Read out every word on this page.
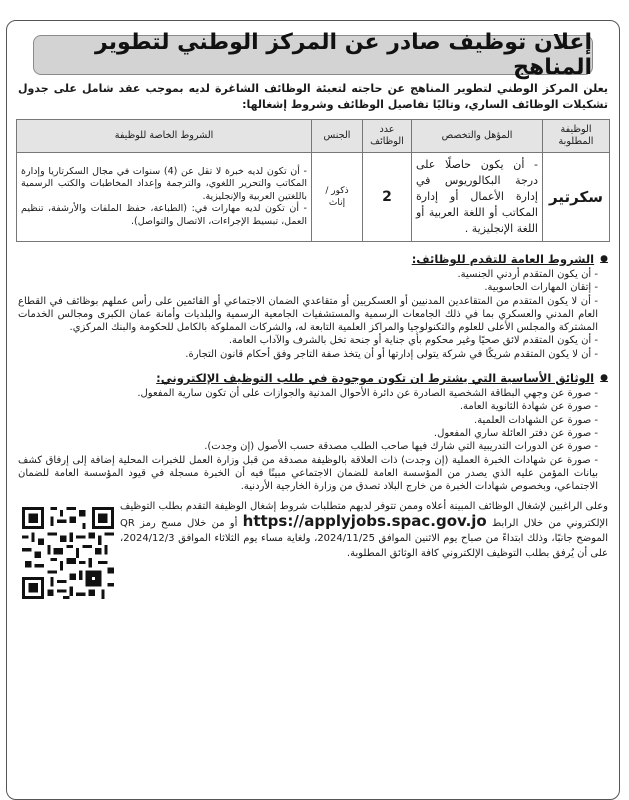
إعلان توظيف صادر عن المركز الوطني لتطوير المناهج
يعلن المركز الوطني لتطوير المناهج عن حاجته لتعبئة الوظائف الشاغرة لديه بموجب عقد شامل على جدول تشكيلات الوظائف الساري، وتاليًا تفاصيل الوظائف وشروط إشغالها:
الوظيفة المطلوبة	المؤهل والتخصص	عدد الوظائف	الجنس	الشروط الخاصة للوظيفة
سكرتير	- أن يكون حاصلًا على درجة البكالوريوس في إدارة الأعمال أو إدارة المكاتب أو اللغة العربية أو اللغة الإنجليزية .	2	ذكور / إناث	- أن تكون لديه خبرة لا تقل عن (4) سنوات في مجال السكرتاريا وإدارة المكاتب والتحرير اللغوي، والترجمة وإعداد المخاطبات والكتب الرسمية باللغتين العربية والإنجليزية.
- أن تكون لديه مهارات في: (الطباعة، حفظ الملفات والأرشفة، تنظيم العمل، تبسيط الإجراءات، الاتصال والتواصل).
●
الشروط العامة للتقدم للوظائف:
- أن يكون المتقدم أردني الجنسية.
- إتقان المهارات الحاسوبية.
- أن لا يكون المتقدم من المتقاعدين المدنيين أو العسكريين أو متقاعدي الضمان الاجتماعي أو القائمين على رأس عملهم بوظائف في القطاع العام المدني والعسكري بما في ذلك الجامعات الرسمية والمستشفيات الجامعية الرسمية والبلديات وأمانة عمان الكبرى ومجالس الخدمات المشتركة والمجلس الأعلى للعلوم والتكنولوجيا والمراكز العلمية التابعة له، والشركات المملوكة بالكامل للحكومة والبنك المركزي.
- أن يكون المتقدم لائق صحيًا وغير محكوم بأي جناية أو جنحة تخل بالشرف والآداب العامة.
- أن لا يكون المتقدم شريكًا في شركة يتولى إدارتها أو أن يتخذ صفة التاجر وفق أحكام قانون التجارة.
●
الوثائق الأساسية التي يشترط ان تكون موجودة في طلب التوظيف الإلكتروني:
- صورة عن وجهي البطاقة الشخصية الصادرة عن دائرة الأحوال المدنية والجوازات على أن تكون سارية المفعول.
- صورة عن شهادة الثانوية العامة.
- صورة عن الشهادات العلمية.
- صورة عن دفتر العائلة ساري المفعول.
- صورة عن الدورات التدريبية التي شارك فيها صاحب الطلب مصدقة حسب الأصول (إن وجدت).
- صورة عن شهادات الخبرة العملية (إن وجدت) ذات العلاقة بالوظيفة مصدقة من قبل وزارة العمل للخبرات المحلية إضافة إلى إرفاق كشف بيانات المؤمن عليه الذي يصدر من المؤسسة العامة للضمان الاجتماعي مبينًا فيه أن الخبرة مسجلة في قيود المؤسسة العامة للضمان الاجتماعي، وبخصوص شهادات الخبرة من خارج البلاد تصدق من وزارة الخارجية الأردنية.
وعلى الراغبين لإشغال الوظائف المبينة أعلاه وممن تتوفر لديهم متطلبات شروط إشغال الوظيفة التقدم بطلب التوظيف الإلكتروني من خلال الرابط https://applyjobs.spac.gov.jo أو من خلال مسح رمز QR الموضح جانبًا، وذلك ابتداءً من صباح يوم الاثنين الموافق 2024/11/25، ولغاية مساء يوم الثلاثاء الموافق 2024/12/3، على أن يُرفق بطلب التوظيف الإلكتروني كافة الوثائق المطلوبة.
